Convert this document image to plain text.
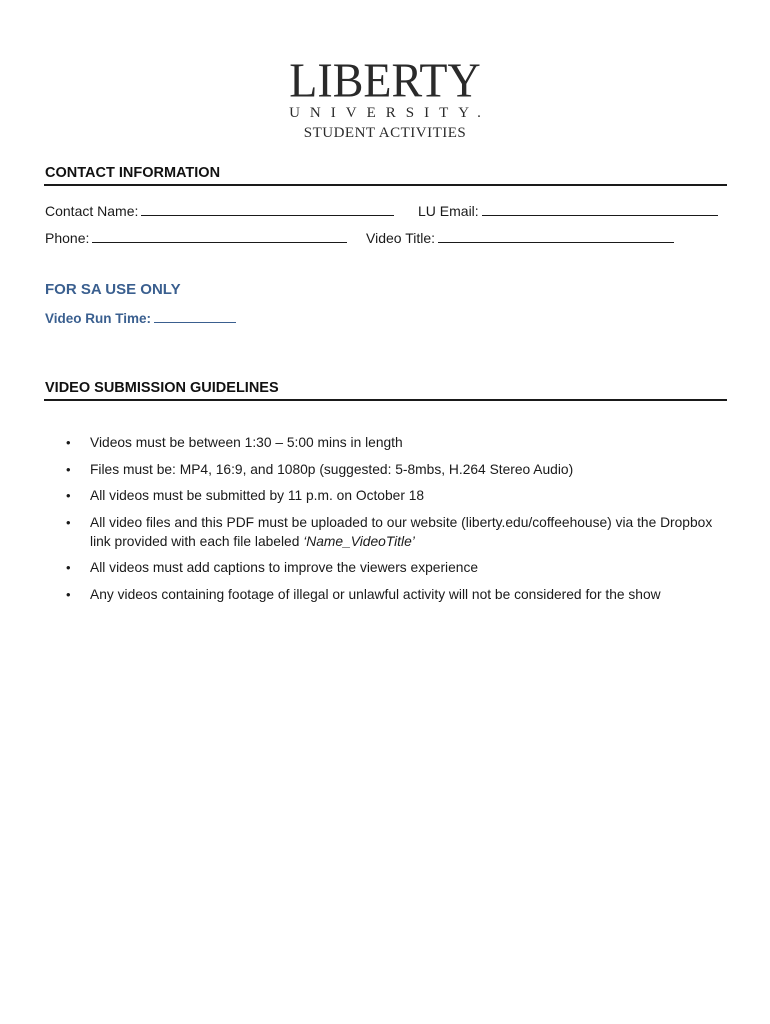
LIBERTY
UNIVERSITY.
STUDENT ACTIVITIES
CONTACT INFORMATION
Contact Name:	LU Email:
Phone:	Video Title:
FOR SA USE ONLY
Video Run Time:
VIDEO SUBMISSION GUIDELINES
• Videos must be between 1:30 – 5:00 mins in length
• Files must be: MP4, 16:9, and 1080p (suggested: 5-8mbs, H.264 Stereo Audio)
• All videos must be submitted by 11 p.m. on October 18
• All video files and this PDF must be uploaded to our website (liberty.edu/coffeehouse) via the Dropbox link provided with each file labeled ‘Name_VideoTitle’
• All videos must add captions to improve the viewers experience
• Any videos containing footage of illegal or unlawful activity will not be considered for the show
